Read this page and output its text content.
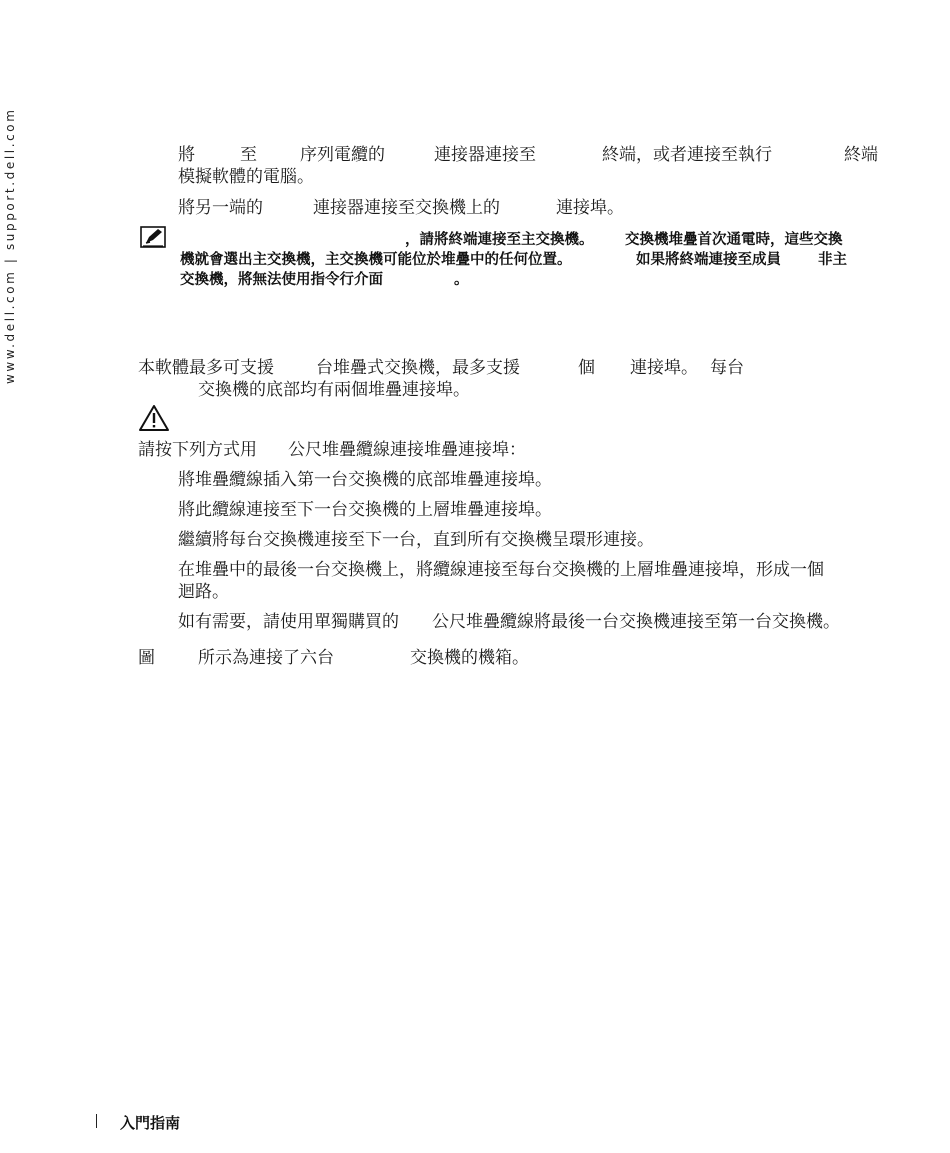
www.dell.com | support.dell.com	將	至	序列電纜的	連接器連接至	終端，或者連接至執行	終端
模擬軟體的電腦。
將另一端的	連接器連接至交換機上的	連接埠。
，請將終端連接至主交換機。 交換機堆疊首次通電時，這些交換
機就會選出主交換機，主交換機可能位於堆疊中的任何位置。	如果將終端連接至成員	非主
交換機，將無法使用指令行介面	。
本軟體最多可支援 台堆疊式交換機，最多支援	個 連接埠。 每台
交換機的底部均有兩個堆疊連接埠。
請按下列方式用 公尺堆疊纜線連接堆疊連接埠：
將堆疊纜線插入第一台交換機的底部堆疊連接埠。
將此纜線連接至下一台交換機的上層堆疊連接埠。
繼續將每台交換機連接至下一台，直到所有交換機呈環形連接。
在堆疊中的最後一台交換機上，將纜線連接至每台交換機的上層堆疊連接埠，形成一個
迴路。
如有需要，請使用單獨購買的 公尺堆疊纜線將最後一台交換機連接至第一台交換機。
圖	所示為連接了六台	交換機的機箱。
入門指南
